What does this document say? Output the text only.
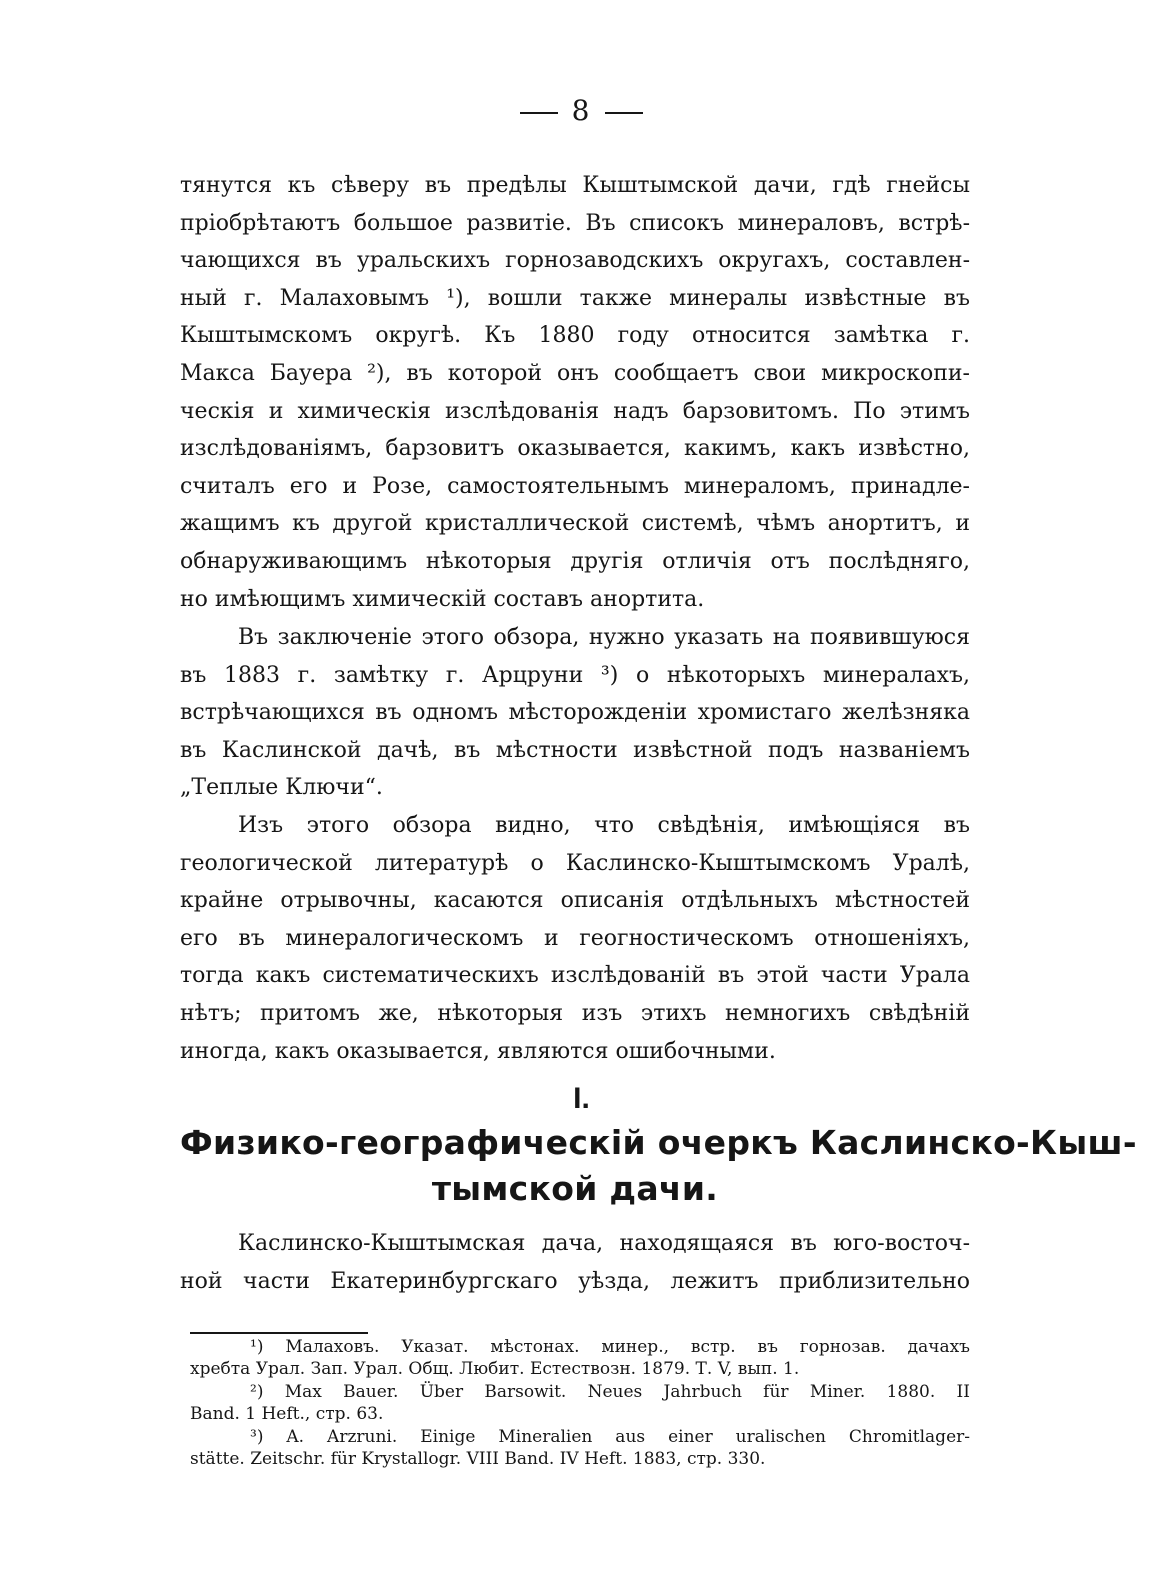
8
тянутся къ сѣверу въ предѣлы Кыштымской дачи, гдѣ гнейсы
пріобрѣтаютъ большое развитіе. Въ списокъ минераловъ, встрѣ-
чающихся въ уральскихъ горнозаводскихъ округахъ, составлен-
ный г. Малаховымъ ¹), вошли также минералы извѣстные въ
Кыштымскомъ округѣ. Къ 1880 году относится замѣтка г.
Макса Бауера ²), въ которой онъ сообщаетъ свои микроскопи-
ческія и химическія изслѣдованія надъ барзовитомъ. По этимъ
изслѣдованіямъ, барзовитъ оказывается, какимъ, какъ извѣстно,
считалъ его и Розе, самостоятельнымъ минераломъ, принадле-
жащимъ къ другой кристаллической системѣ, чѣмъ анортитъ, и
обнаруживающимъ нѣкоторыя другія отличія отъ послѣдняго,
но имѣющимъ химическій составъ анортита.
Въ заключеніе этого обзора, нужно указать на появившуюся
въ 1883 г. замѣтку г. Арцруни ³) о нѣкоторыхъ минералахъ,
встрѣчающихся въ одномъ мѣсторожденіи хромистаго желѣзняка
въ Каслинской дачѣ, въ мѣстности извѣстной подъ названіемъ
„Теплые Ключи“.
Изъ этого обзора видно, что свѣдѣнія, имѣющіяся въ
геологической литературѣ о Каслинско-Кыштымскомъ Уралѣ,
крайне отрывочны, касаются описанія отдѣльныхъ мѣстностей
его въ минералогическомъ и геогностическомъ отношеніяхъ,
тогда какъ систематическихъ изслѣдованій въ этой части Урала
нѣтъ; притомъ же, нѣкоторыя изъ этихъ немногихъ свѣдѣній
иногда, какъ оказывается, являются ошибочными.
I.
Физико-географическій очеркъ Каслинско-Кыш-
тымской дачи.
Каслинско-Кыштымская дача, находящаяся въ юго-восточ-
ной части Екатеринбургскаго уѣзда, лежитъ приблизительно
¹) Малаховъ. Указат. мѣстонах. минер., встр. въ горнозав. дачахъ
хребта Урал. Зап. Урал. Общ. Любит. Естествозн. 1879. Т. V, вып. 1.
²) Max Bauer. Über Barsowit. Neues Jahrbuch für Miner. 1880. II
Band. 1 Heft., стр. 63.
³) A. Arzruni. Einige Mineralien aus einer uralischen Chromitlager-
stätte. Zeitschr. für Krystallogr. VIII Band. IV Heft. 1883, стр. 330.
